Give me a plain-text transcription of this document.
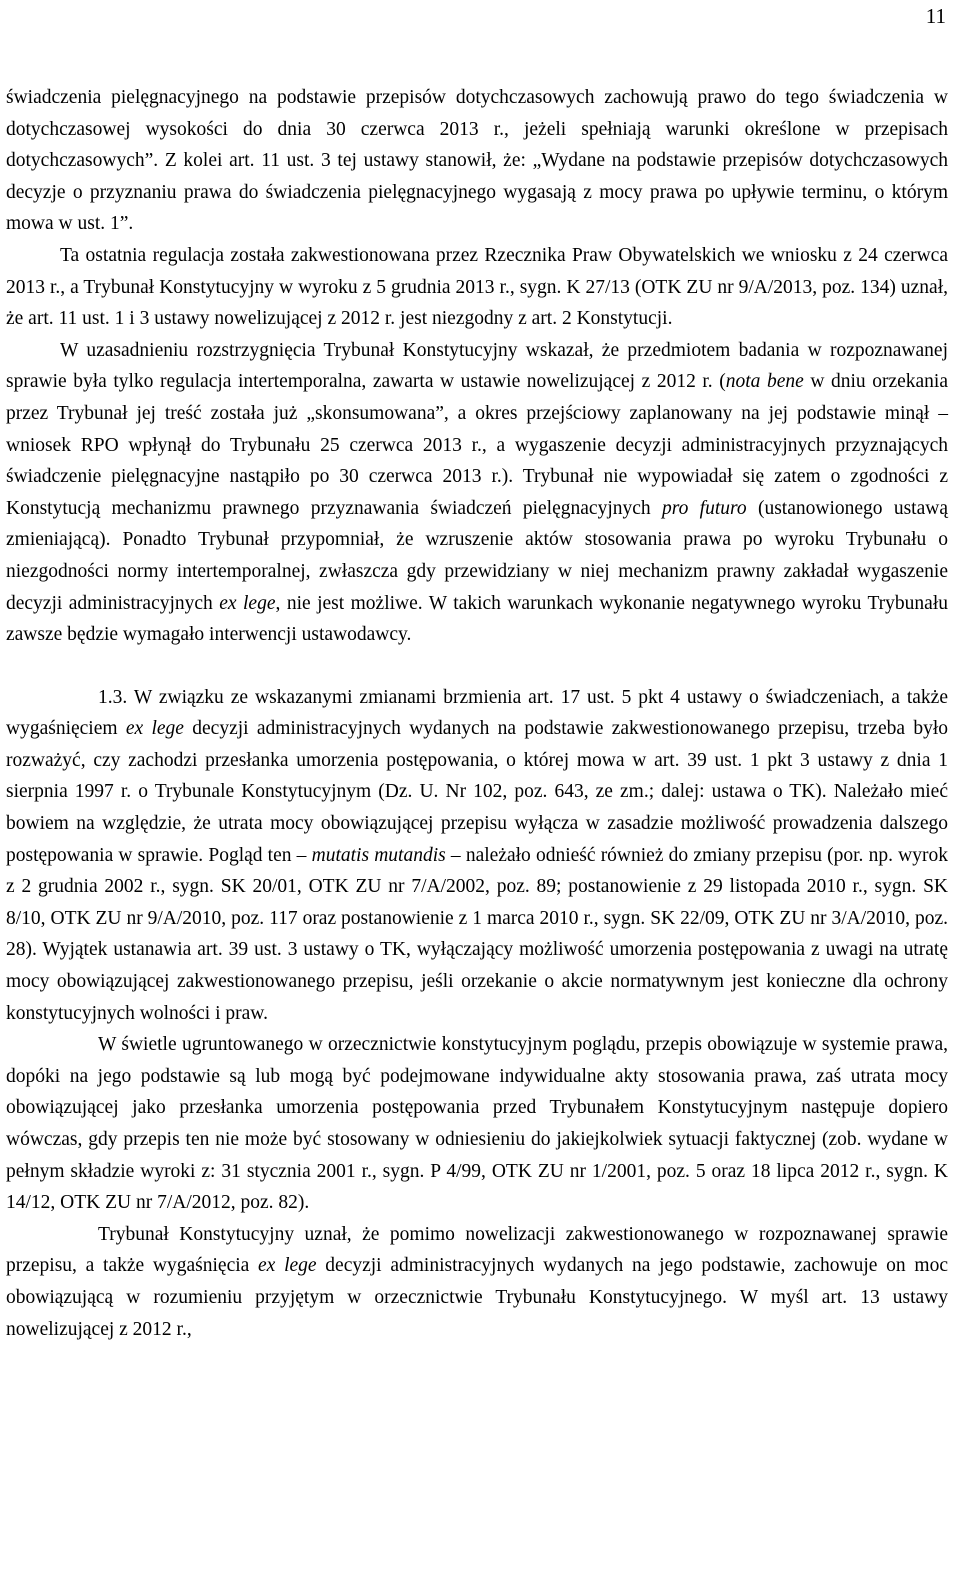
11

świadczenia pielęgnacyjnego na podstawie przepisów dotychczasowych zachowują prawo do tego świadczenia w dotychczasowej wysokości do dnia 30 czerwca 2013 r., jeżeli spełniają warunki określone w przepisach dotychczasowych”. Z kolei art. 11 ust. 3 tej ustawy stanowił, że: „Wydane na podstawie przepisów dotychczasowych decyzje o przyznaniu prawa do świadczenia pielęgnacyjnego wygasają z mocy prawa po upływie terminu, o którym mowa w ust. 1”.

Ta ostatnia regulacja została zakwestionowana przez Rzecznika Praw Obywatelskich we wniosku z 24 czerwca 2013 r., a Trybunał Konstytucyjny w wyroku z 5 grudnia 2013 r., sygn. K 27/13 (OTK ZU nr 9/A/2013, poz. 134) uznał, że art. 11 ust. 1 i 3 ustawy nowelizującej z 2012 r. jest niezgodny z art. 2 Konstytucji.

W uzasadnieniu rozstrzygnięcia Trybunał Konstytucyjny wskazał, że przedmiotem badania w rozpoznawanej sprawie była tylko regulacja intertemporalna, zawarta w ustawie nowelizującej z 2012 r. (nota bene w dniu orzekania przez Trybunał jej treść została już „skonsumowana”, a okres przejściowy zaplanowany na jej podstawie minął – wniosek RPO wpłynął do Trybunału 25 czerwca 2013 r., a wygaszenie decyzji administracyjnych przyznających świadczenie pielęgnacyjne nastąpiło po 30 czerwca 2013 r.). Trybunał nie wypowiadał się zatem o zgodności z Konstytucją mechanizmu prawnego przyznawania świadczeń pielęgnacyjnych pro futuro (ustanowionego ustawą zmieniającą). Ponadto Trybunał przypomniał, że wzruszenie aktów stosowania prawa po wyroku Trybunału o niezgodności normy intertemporalnej, zwłaszcza gdy przewidziany w niej mechanizm prawny zakładał wygaszenie decyzji administracyjnych ex lege, nie jest możliwe. W takich warunkach wykonanie negatywnego wyroku Trybunału zawsze będzie wymagało interwencji ustawodawcy.

1.3. W związku ze wskazanymi zmianami brzmienia art. 17 ust. 5 pkt 4 ustawy o świadczeniach, a także wygaśnięciem ex lege decyzji administracyjnych wydanych na podstawie zakwestionowanego przepisu, trzeba było rozważyć, czy zachodzi przesłanka umorzenia postępowania, o której mowa w art. 39 ust. 1 pkt 3 ustawy z dnia 1 sierpnia 1997 r. o Trybunale Konstytucyjnym (Dz. U. Nr 102, poz. 643, ze zm.; dalej: ustawa o TK). Należało mieć bowiem na względzie, że utrata mocy obowiązującej przepisu wyłącza w zasadzie możliwość prowadzenia dalszego postępowania w sprawie. Pogląd ten – mutatis mutandis – należało odnieść również do zmiany przepisu (por. np. wyrok z 2 grudnia 2002 r., sygn. SK 20/01, OTK ZU nr 7/A/2002, poz. 89; postanowienie z 29 listopada 2010 r., sygn. SK 8/10, OTK ZU nr 9/A/2010, poz. 117 oraz postanowienie z 1 marca 2010 r., sygn. SK 22/09, OTK ZU nr 3/A/2010, poz. 28). Wyjątek ustanawia art. 39 ust. 3 ustawy o TK, wyłączający możliwość umorzenia postępowania z uwagi na utratę mocy obowiązującej zakwestionowanego przepisu, jeśli orzekanie o akcie normatywnym jest konieczne dla ochrony konstytucyjnych wolności i praw.

W świetle ugruntowanego w orzecznictwie konstytucyjnym poglądu, przepis obowiązuje w systemie prawa, dopóki na jego podstawie są lub mogą być podejmowane indywidualne akty stosowania prawa, zaś utrata mocy obowiązującej jako przesłanka umorzenia postępowania przed Trybunałem Konstytucyjnym następuje dopiero wówczas, gdy przepis ten nie może być stosowany w odniesieniu do jakiejkolwiek sytuacji faktycznej (zob. wydane w pełnym składzie wyroki z: 31 stycznia 2001 r., sygn. P 4/99, OTK ZU nr 1/2001, poz. 5 oraz 18 lipca 2012 r., sygn. K 14/12, OTK ZU nr 7/A/2012, poz. 82).

Trybunał Konstytucyjny uznał, że pomimo nowelizacji zakwestionowanego w rozpoznawanej sprawie przepisu, a także wygaśnięcia ex lege decyzji administracyjnych wydanych na jego podstawie, zachowuje on moc obowiązującą w rozumieniu przyjętym w orzecznictwie Trybunału Konstytucyjnego. W myśl art. 13 ustawy nowelizującej z 2012 r.,
